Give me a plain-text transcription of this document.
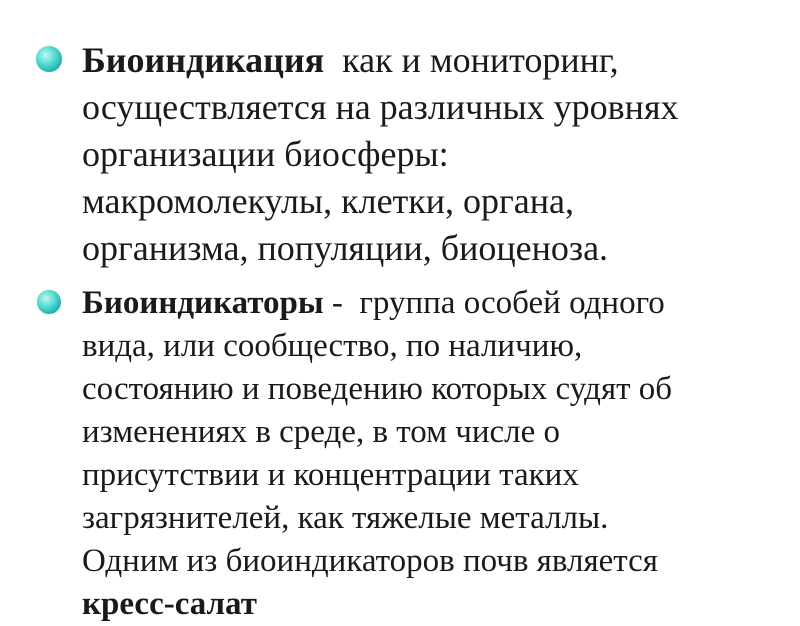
Биоиндикация как и мониторинг,
осуществляется на различных уровнях
организации биосферы:
макромолекулы, клетки, органа,
организма, популяции, биоценоза.

Биоиндикаторы -  группа особей одного
вида, или сообщество, по наличию,
состоянию и поведению которых судят об
изменениях в среде, в том числе о
присутствии и концентрации таких
загрязнителей, как тяжелые металлы.
Одним из биоиндикаторов почв является
кресс-салат
